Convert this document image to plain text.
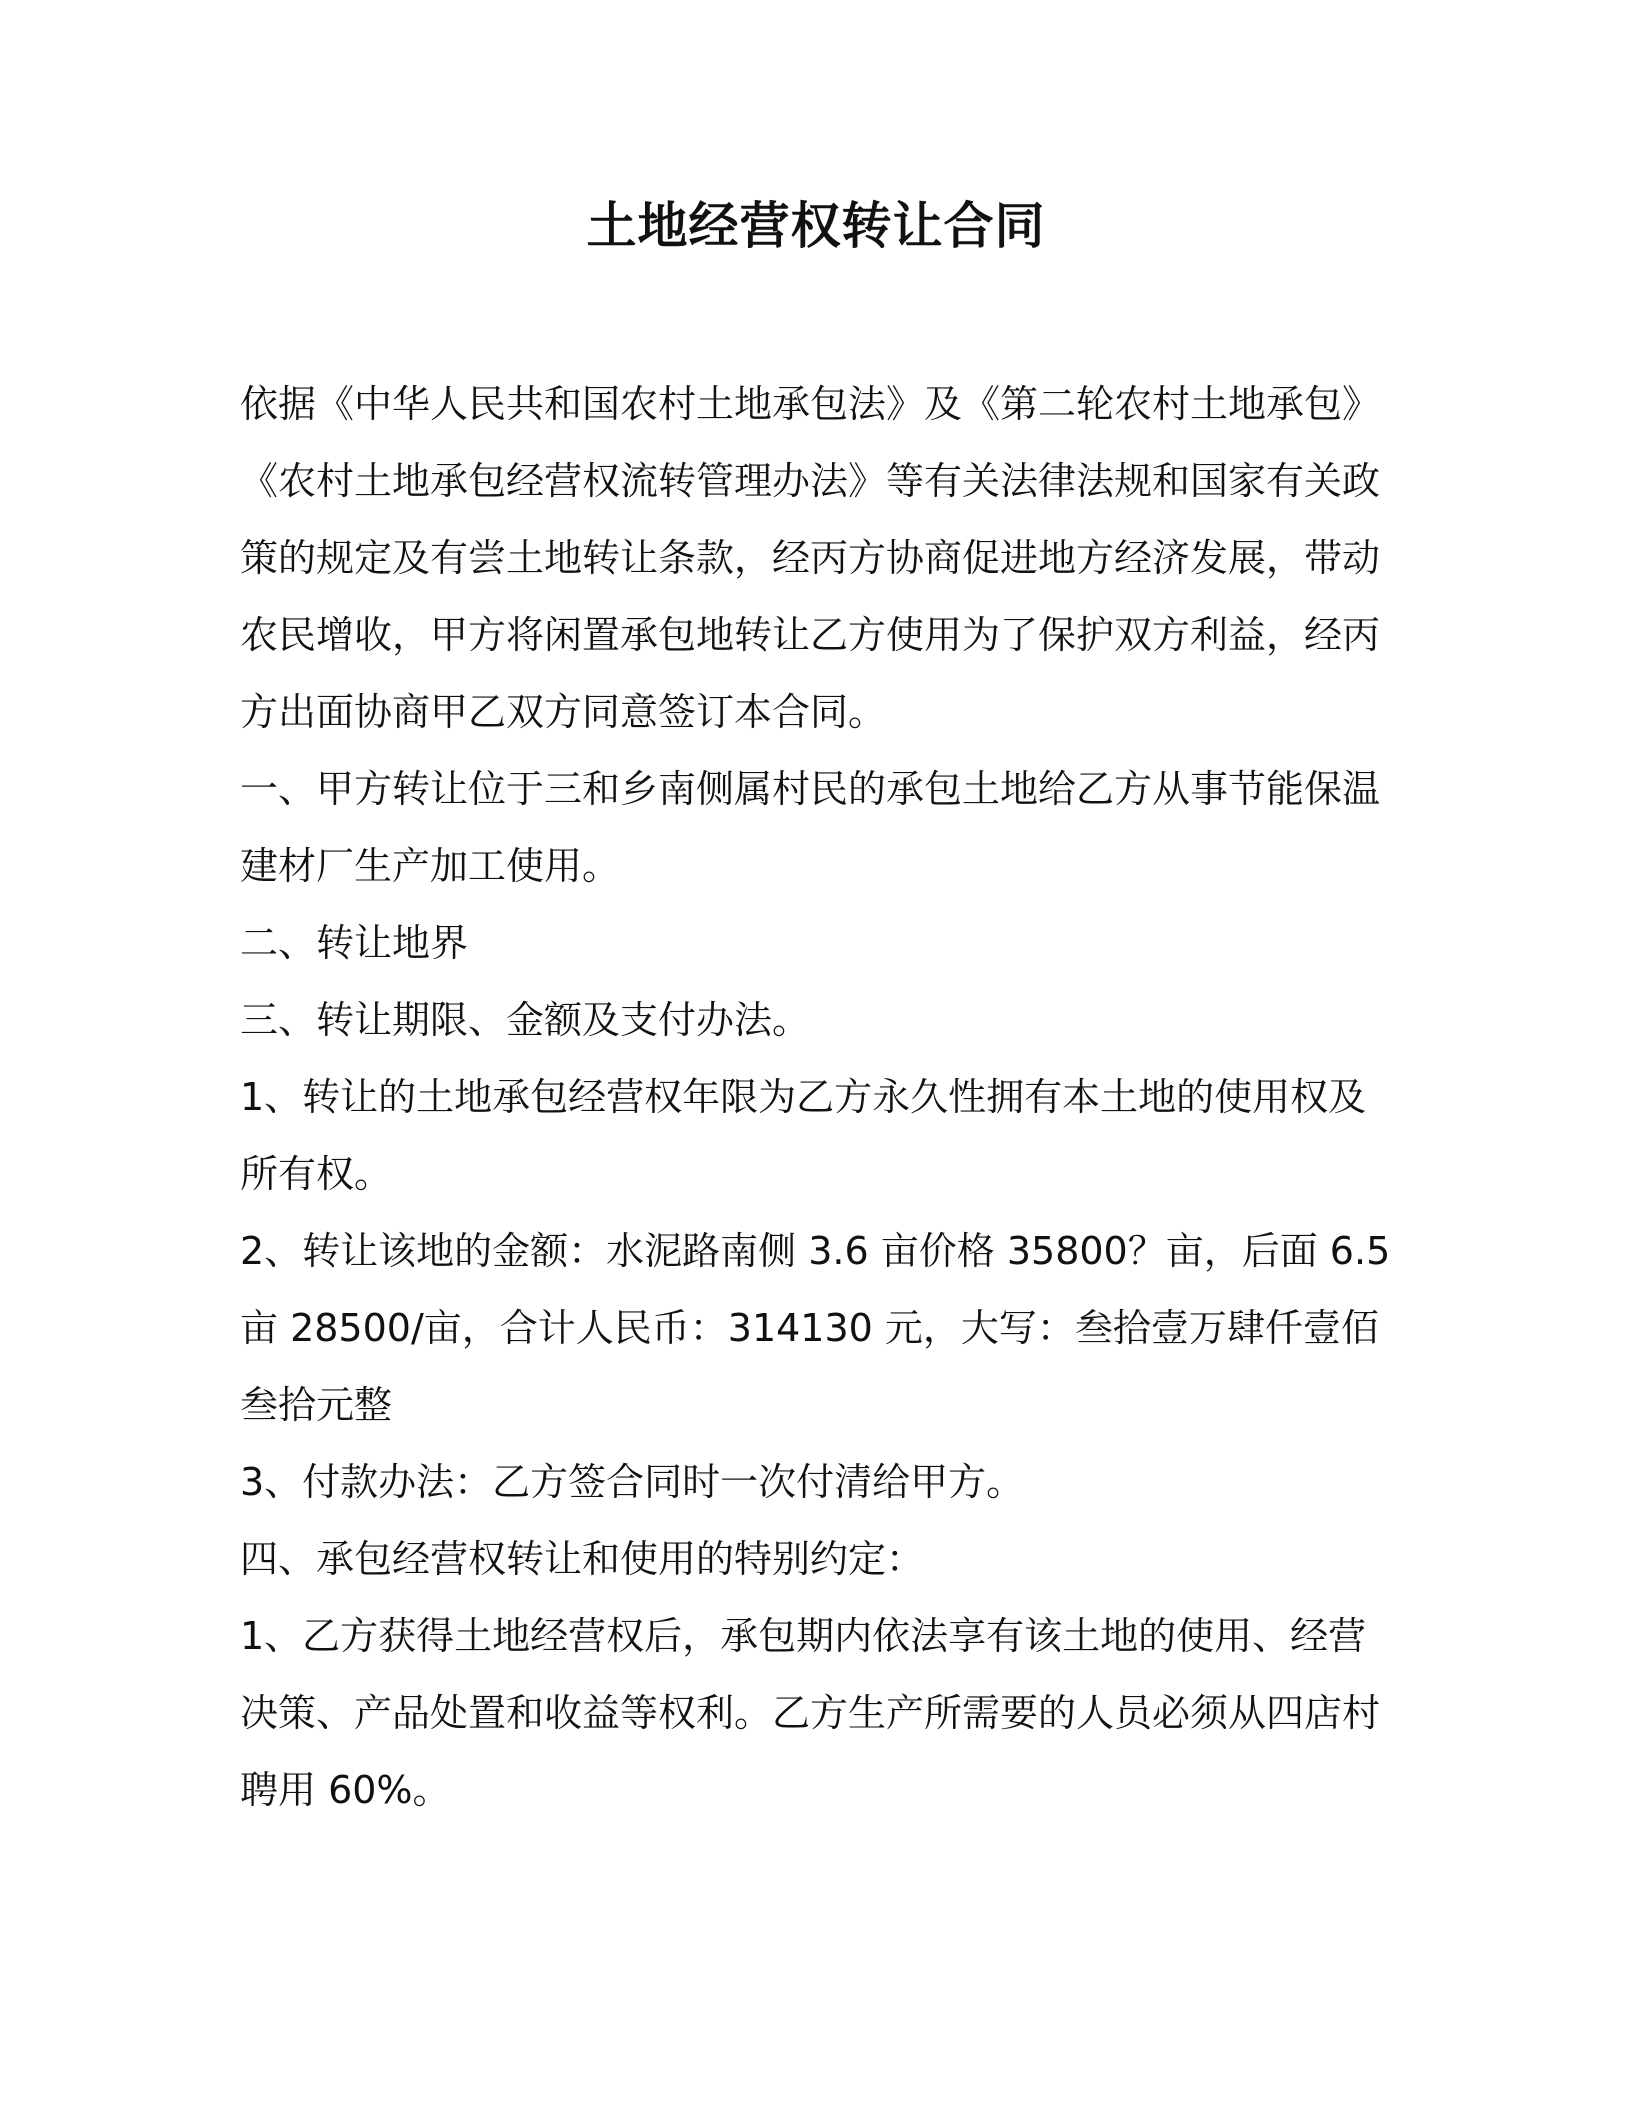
土地经营权转让合同

依据《中华人民共和国农村土地承包法》及《第二轮农村土地承包》《农村土地承包经营权流转管理办法》等有关法律法规和国家有关政策的规定及有尝土地转让条款，经丙方协商促进地方经济发展，带动农民增收，甲方将闲置承包地转让乙方使用为了保护双方利益，经丙方出面协商甲乙双方同意签订本合同。

一、甲方转让位于三和乡南侧属村民的承包土地给乙方从事节能保温建材厂生产加工使用。

二、转让地界

三、转让期限、金额及支付办法。

1、转让的土地承包经营权年限为乙方永久性拥有本土地的使用权及所有权。

2、转让该地的金额：水泥路南侧 3.6 亩价格 35800？亩，后面 6.5 亩 28500/亩，合计人民币：314130 元，大写：叁拾壹万肆仟壹佰叁拾元整

3、付款办法：乙方签合同时一次付清给甲方。

四、承包经营权转让和使用的特别约定：

1、乙方获得土地经营权后，承包期内依法享有该土地的使用、经营决策、产品处置和收益等权利。乙方生产所需要的人员必须从四店村聘用 60%。
